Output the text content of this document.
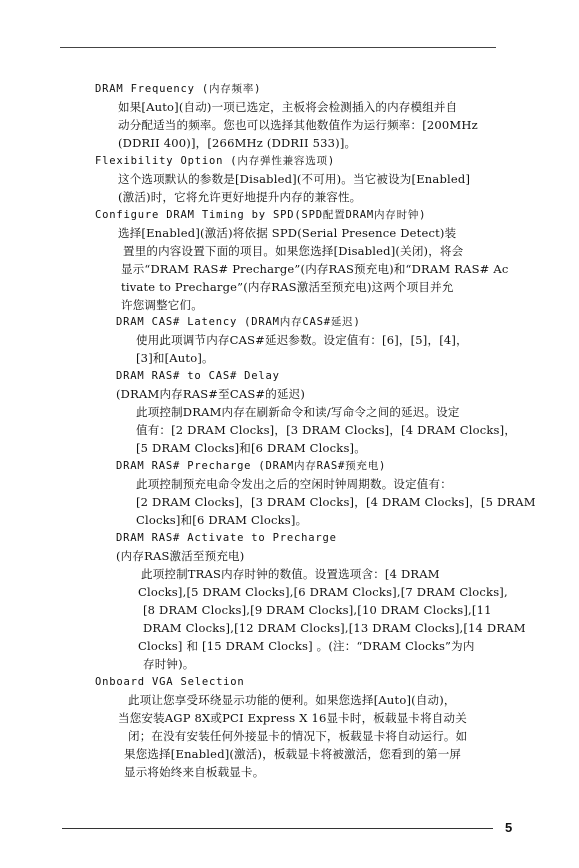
DRAM Frequency (内存频率)
如果[Auto](自动)一项已选定，主板将会检测插入的内存模组并自
动分配适当的频率。您也可以选择其他数值作为运行频率：[200MHz
(DDRII 400)]，[266MHz (DDRII 533)]。
Flexibility Option (内存弹性兼容选项)
这个选项默认的参数是[Disabled](不可用)。当它被设为[Enabled]
(激活)时，它将允许更好地提升内存的兼容性。
Configure DRAM Timing by SPD(SPD配置DRAM内存时钟)
选择[Enabled](激活)将依据 SPD(Serial Presence Detect)装
置里的内容设置下面的项目。如果您选择[Disabled](关闭)，将会
显示“DRAM RAS# Precharge”(内存RAS预充电)和“DRAM RAS# Ac
tivate to Precharge”(内存RAS激活至预充电)这两个项目并允
许您调整它们。
DRAM CAS# Latency (DRAM内存CAS#延迟)
使用此项调节内存CAS#延迟参数。设定值有：[6]，[5]，[4]，
[3]和[Auto]。
DRAM RAS# to CAS# Delay
(DRAM内存RAS#至CAS#的延迟)
此项控制DRAM内存在刷新命令和读/写命令之间的延迟。设定
值有：[2 DRAM Clocks]，[3 DRAM Clocks]，[4 DRAM Clocks]，
[5 DRAM Clocks]和[6 DRAM Clocks]。
DRAM RAS# Precharge (DRAM内存RAS#预充电)
此项控制预充电命令发出之后的空闲时钟周期数。设定值有：
[2 DRAM Clocks]，[3 DRAM Clocks]，[4 DRAM Clocks]，[5 DRAM
Clocks]和[6 DRAM Clocks]。
DRAM RAS# Activate to Precharge
(内存RAS激活至预充电)
此项控制TRAS内存时钟的数值。设置选项含：[4 DRAM
Clocks],[5 DRAM Clocks],[6 DRAM Clocks],[7 DRAM Clocks],
[8 DRAM Clocks],[9 DRAM Clocks],[10 DRAM Clocks],[11
DRAM Clocks],[12 DRAM Clocks],[13 DRAM Clocks],[14 DRAM
Clocks] 和 [15 DRAM Clocks] 。(注：“DRAM Clocks”为内
存时钟)。
Onboard VGA Selection
此项让您享受环绕显示功能的便利。如果您选择[Auto](自动)，
当您安装AGP 8X或PCI Express X 16显卡时，板载显卡将自动关
闭；在没有安装任何外接显卡的情况下，板载显卡将自动运行。如
果您选择[Enabled](激活)，板载显卡将被激活，您看到的第一屏
显示将始终来自板载显卡。
5
